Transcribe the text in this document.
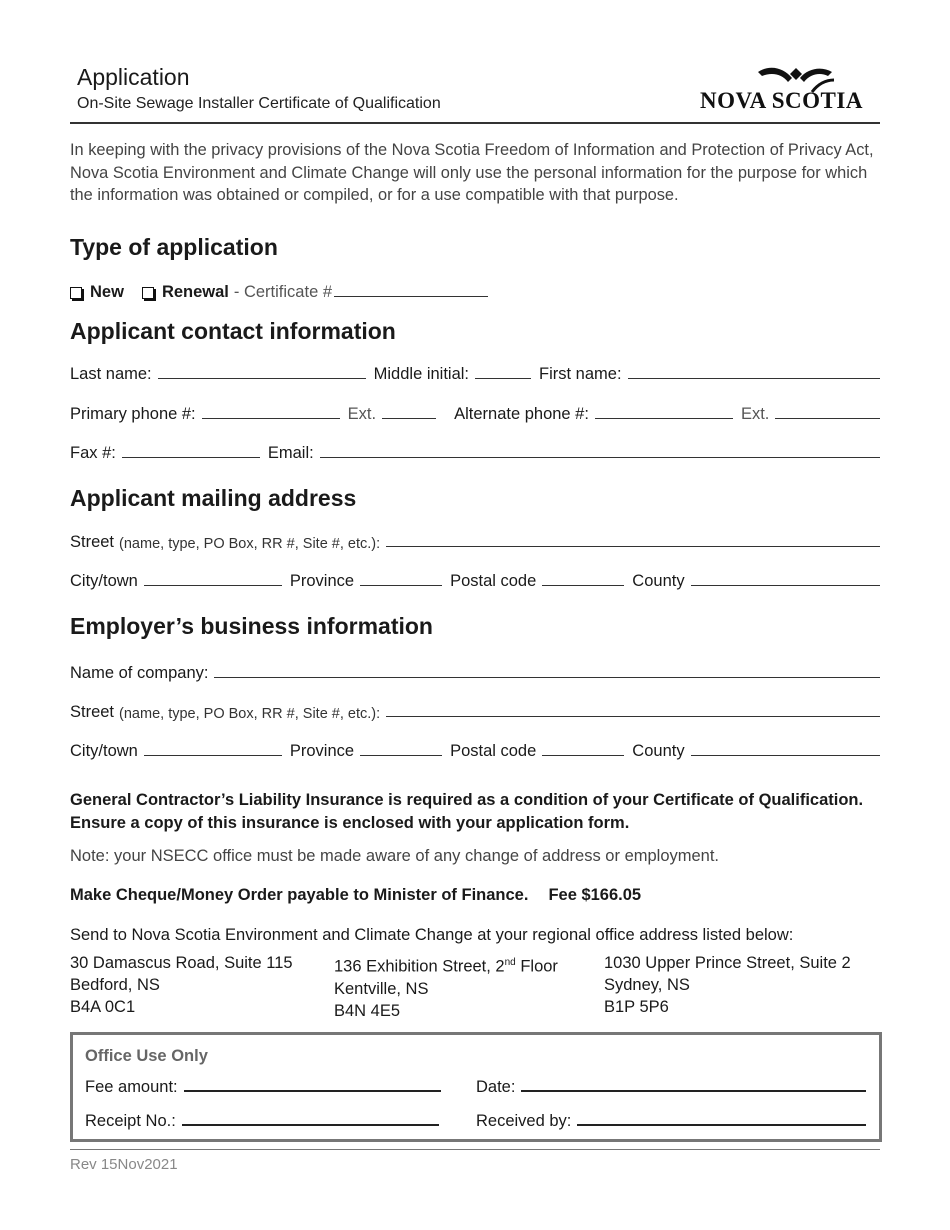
Application
On-Site Sewage Installer Certificate of Qualification	NOVA SCOTIA
In keeping with the privacy provisions of the Nova Scotia Freedom of Information and Protection of Privacy Act, Nova Scotia Environment and Climate Change will only use the personal information for the purpose for which the information was obtained or compiled, or for a use compatible with that purpose.
Type of application
New Renewal - Certificate #
Applicant contact information
Last name:	Middle initial:	First name:
Primary phone #:	Ext.	Alternate phone #:	Ext.
Fax #:	Email:
Applicant mailing address
Street (name, type, PO Box, RR #, Site #, etc.):
City/town	Province	Postal code	County
Employer’s business information
Name of company:
Street (name, type, PO Box, RR #, Site #, etc.):
City/town	Province	Postal code	County
General Contractor’s Liability Insurance is required as a condition of your Certificate of Qualification. Ensure a copy of this insurance is enclosed with your application form.
Note: your NSECC office must be made aware of any change of address or employment.
Make Cheque/Money Order payable to Minister of Finance. Fee $166.05
Send to Nova Scotia Environment and Climate Change at your regional office address listed below:
30 Damascus Road, Suite 115
Bedford, NS
B4A 0C1
136 Exhibition Street, 2nd Floor
Kentville, NS
B4N 4E5
1030 Upper Prince Street, Suite 2
Sydney, NS
B1P 5P6
Office Use Only
Fee amount:	Date:
Receipt No.:	Received by:
Rev 15Nov2021
